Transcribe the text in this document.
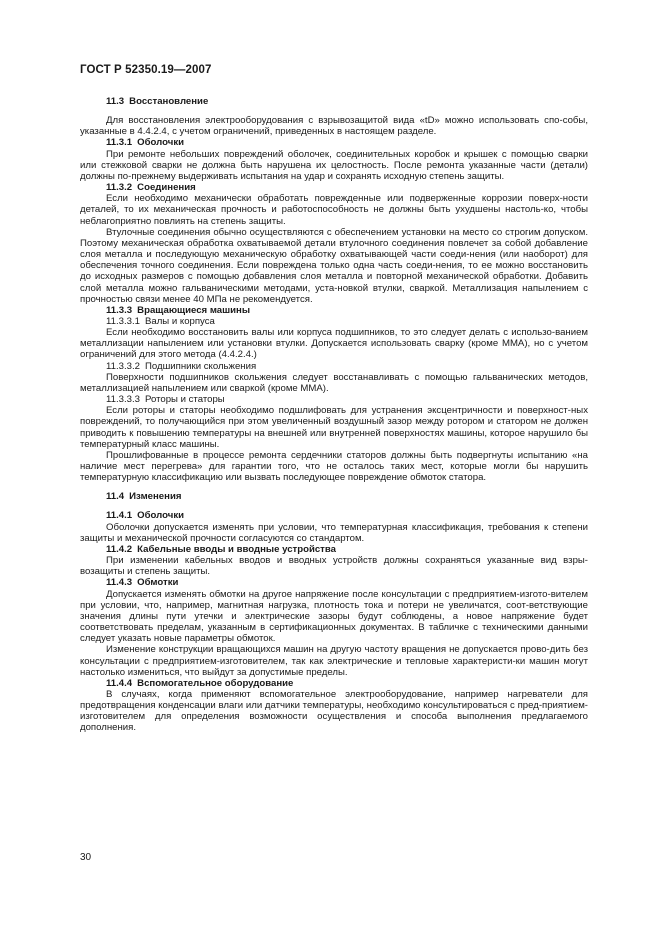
ГОСТ Р 52350.19—2007
11.3 Восстановление

Для восстановления электрооборудования с взрывозащитой вида «tD» можно использовать спо-собы, указанные в 4.4.2.4, с учетом ограничений, приведенных в настоящем разделе.

11.3.1 Оболочки

При ремонте небольших повреждений оболочек, соединительных коробок и крышек с помощью сварки или стежковой сварки не должна быть нарушена их целостность. После ремонта указанные части (детали) должны по-прежнему выдерживать испытания на удар и сохранять исходную степень защиты.

11.3.2 Соединения

Если необходимо механически обработать поврежденные или подверженные коррозии поверх-ности деталей, то их механическая прочность и работоспособность не должны быть ухудшены настоль-ко, чтобы неблагоприятно повлиять на степень защиты.

Втулочные соединения обычно осуществляются с обеспечением установки на место со строгим допуском. Поэтому механическая обработка охватываемой детали втулочного соединения повлечет за собой добавление слоя металла и последующую механическую обработку охватывающей части соеди-нения (или наоборот) для обеспечения точного соединения. Если повреждена только одна часть соеди-нения, то ее можно восстановить до исходных размеров с помощью добавления слоя металла и повторной механической обработки. Добавить слой металла можно гальваническими методами, уста-новкой втулки, сваркой. Металлизация напылением с прочностью связи менее 40 МПа не рекомендуется.

11.3.3 Вращающиеся машины
11.3.3.1 Валы и корпуса

Если необходимо восстановить валы или корпуса подшипников, то это следует делать с использо-ванием металлизации напылением или установки втулки. Допускается использовать сварку (кроме ММА), но с учетом ограничений для этого метода (4.4.2.4.)

11.3.3.2 Подшипники скольжения

Поверхности подшипников скольжения следует восстанавливать с помощью гальванических методов, металлизацией напылением или сваркой (кроме ММА).

11.3.3.3 Роторы и статоры

Если роторы и статоры необходимо подшлифовать для устранения эксцентричности и поверхност-ных повреждений, то получающийся при этом увеличенный воздушный зазор между ротором и статором не должен приводить к повышению температуры на внешней или внутренней поверхностях машины, которое нарушило бы температурный класс машины.

Прошлифованные в процессе ремонта сердечники статоров должны быть подвергнуты испытанию «на наличие мест перегрева» для гарантии того, что не осталось таких мест, которые могли бы нарушить температурную классификацию или вызвать последующее повреждение обмоток статора.

11.4 Изменения
11.4.1 Оболочки

Оболочки допускается изменять при условии, что температурная классификация, требования к степени защиты и механической прочности согласуются со стандартом.

11.4.2 Кабельные вводы и вводные устройства

При изменении кабельных вводов и вводных устройств должны сохраняться указанные вид взры-возащиты и степень защиты.

11.4.3 Обмотки

Допускается изменять обмотки на другое напряжение после консультации с предприятием-изгото-вителем при условии, что, например, магнитная нагрузка, плотность тока и потери не увеличатся, соот-ветствующие значения длины пути утечки и электрические зазоры будут соблюдены, а новое напряжение будет соответствовать пределам, указанным в сертификационных документах. В табличке с техническими данными следует указать новые параметры обмоток.

Изменение конструкции вращающихся машин на другую частоту вращения не допускается прово-дить без консультации с предприятием-изготовителем, так как электрические и тепловые характеристи-ки машин могут настолько измениться, что выйдут за допустимые пределы.

11.4.4 Вспомогательное оборудование

В случаях, когда применяют вспомогательное электрооборудование, например нагреватели для предотвращения конденсации влаги или датчики температуры, необходимо консультироваться с пред-приятием-изготовителем для определения возможности осуществления и способа выполнения предлагаемого дополнения.

30
